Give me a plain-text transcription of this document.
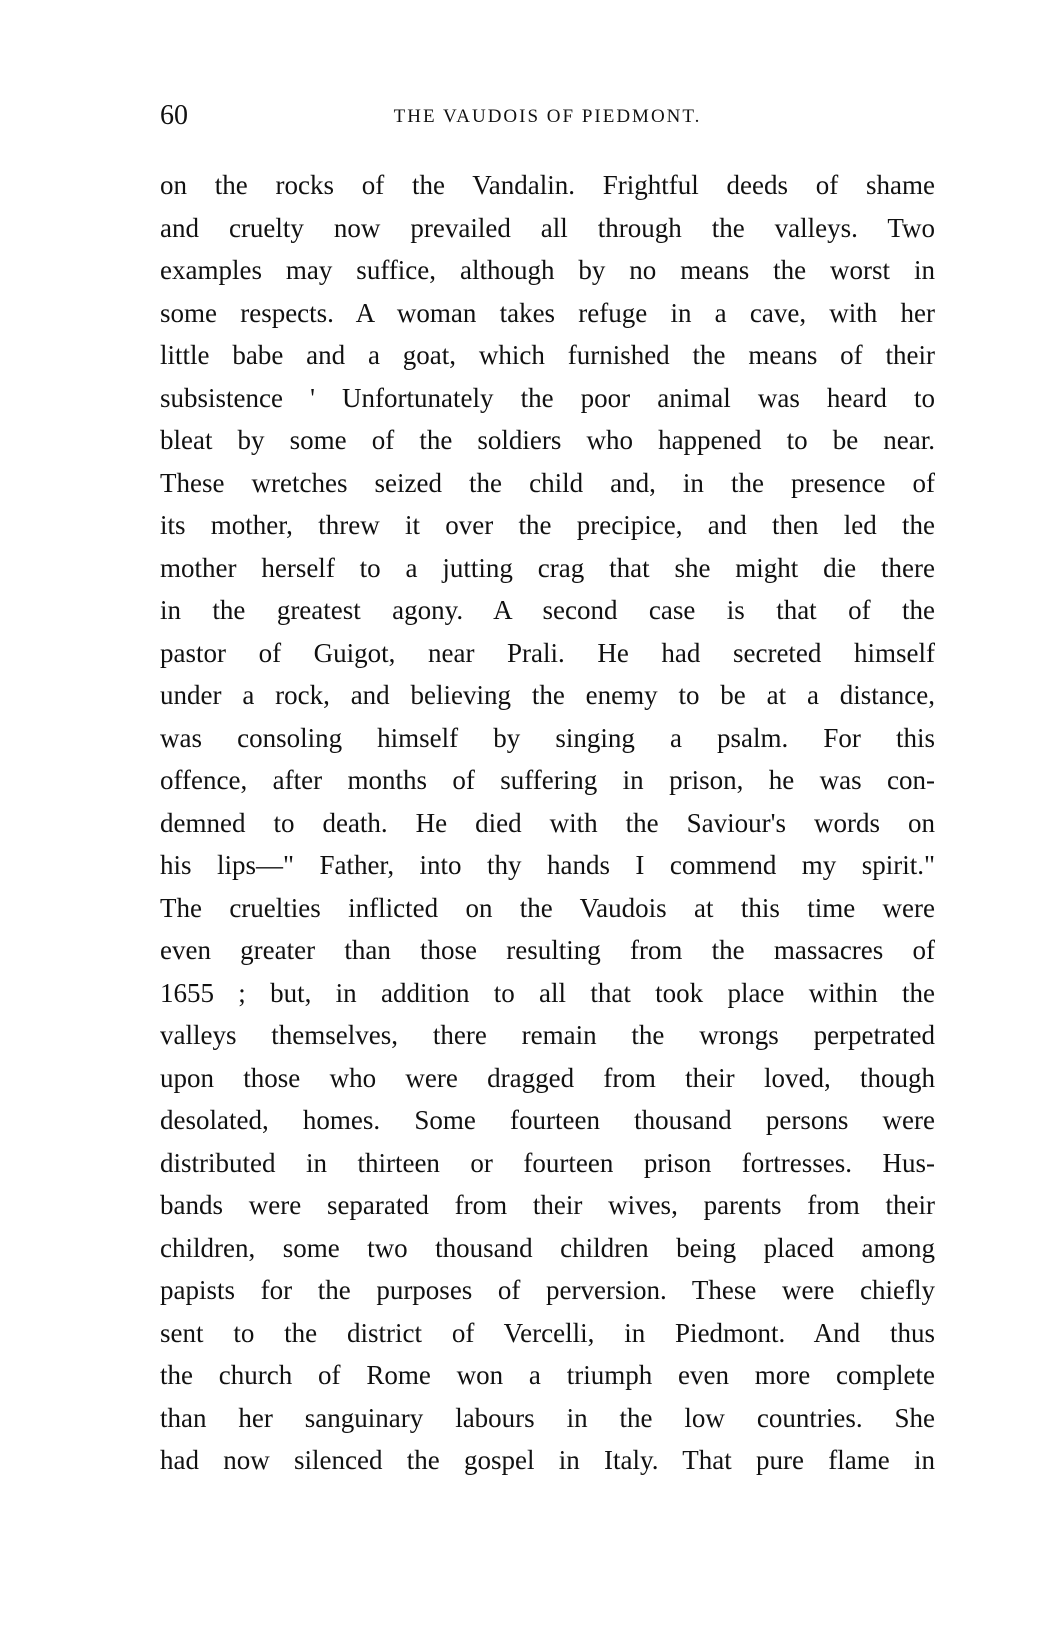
60	THE VAUDOIS OF PIEDMONT.
on the rocks of the Vandalin. Frightful deeds of shame
and cruelty now prevailed all through the valleys. Two
examples may suffice, although by no means the worst in
some respects. A woman takes refuge in a cave, with her
little babe and a goat, which furnished the means of their
subsistence ' Unfortunately the poor animal was heard to
bleat by some of the soldiers who happened to be near.
These wretches seized the child and, in the presence of
its mother, threw it over the precipice, and then led the
mother herself to a jutting crag that she might die there
in the greatest agony. A second case is that of the
pastor of Guigot, near Prali. He had secreted himself
under a rock, and believing the enemy to be at a distance,
was consoling himself by singing a psalm. For this
offence, after months of suffering in prison, he was con-
demned to death. He died with the Saviour's words on
his lips—" Father, into thy hands I commend my spirit."
The cruelties inflicted on the Vaudois at this time were
even greater than those resulting from the massacres of
1655 ; but, in addition to all that took place within the
valleys themselves, there remain the wrongs perpetrated
upon those who were dragged from their loved, though
desolated, homes. Some fourteen thousand persons were
distributed in thirteen or fourteen prison fortresses. Hus-
bands were separated from their wives, parents from their
children, some two thousand children being placed among
papists for the purposes of perversion. These were chiefly
sent to the district of Vercelli, in Piedmont. And thus
the church of Rome won a triumph even more complete
than her sanguinary labours in the low countries. She
had now silenced the gospel in Italy. That pure flame in
